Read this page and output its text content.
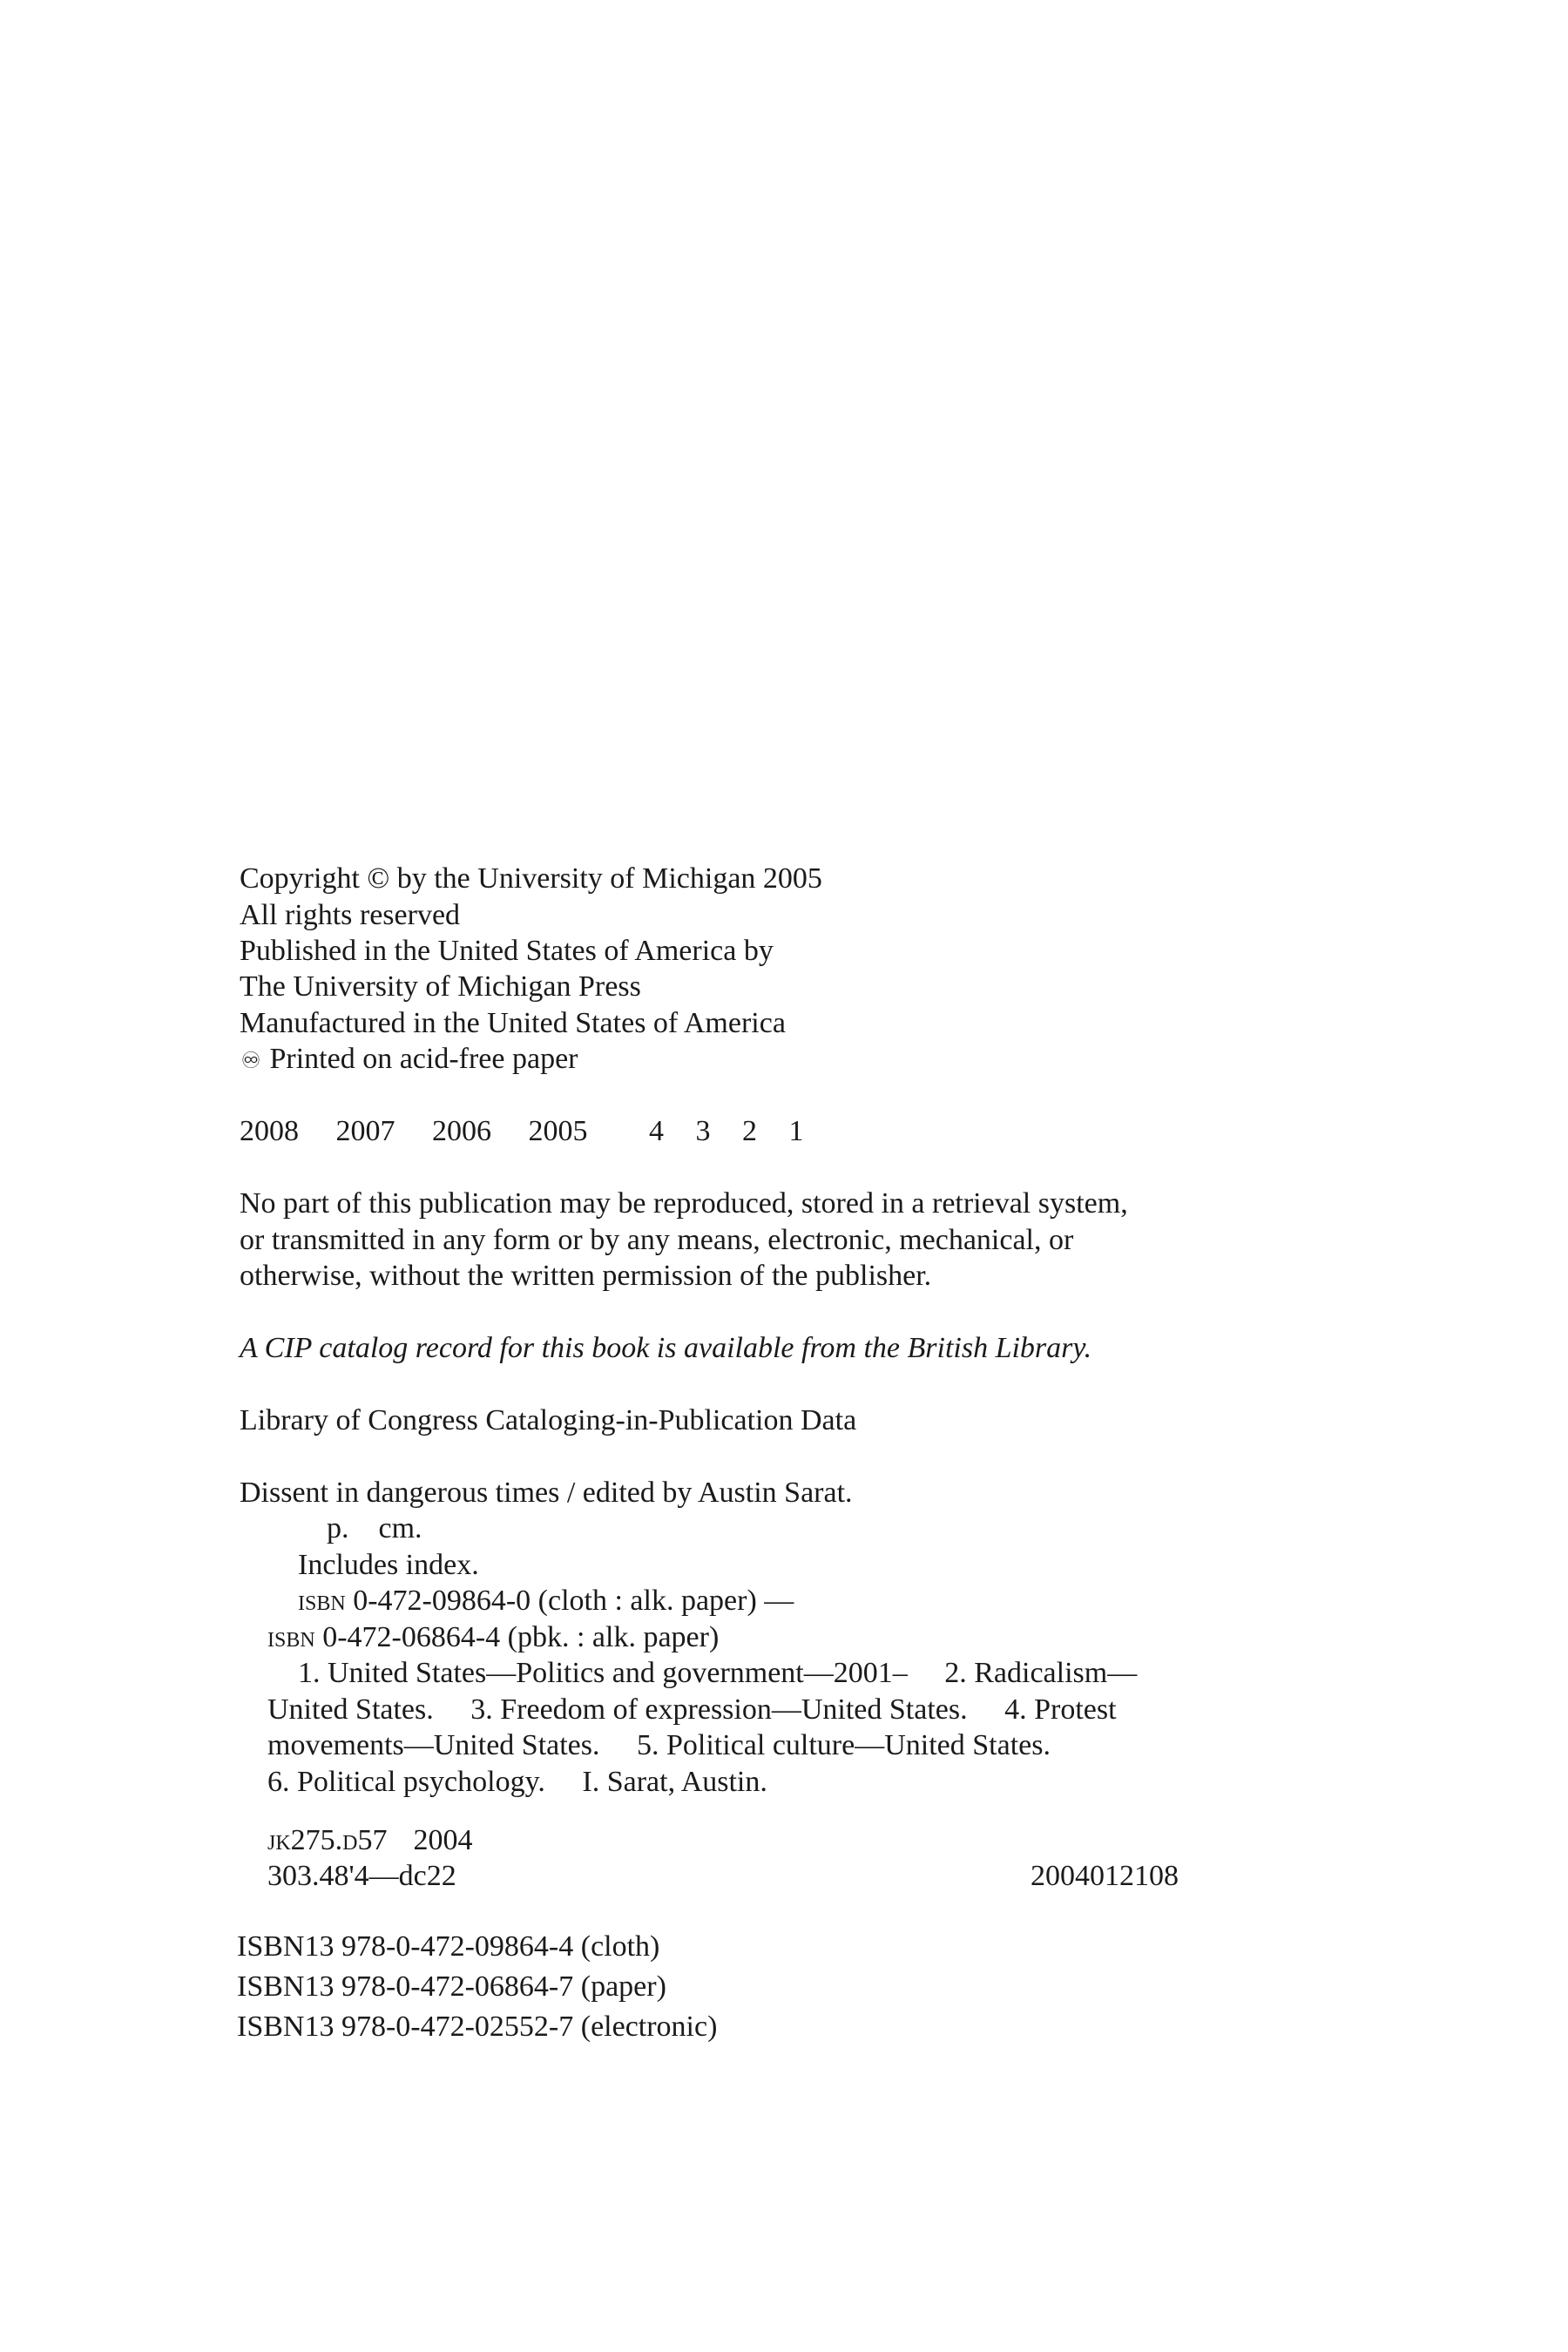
Copyright © by the University of Michigan 2005
All rights reserved
Published in the United States of America by
The University of Michigan Press
Manufactured in the United States of America
♾ Printed on acid-free paper
2008 2007 2006 2005 4 3 2 1
No part of this publication may be reproduced, stored in a retrieval system,
or transmitted in any form or by any means, electronic, mechanical, or
otherwise, without the written permission of the publisher.
A CIP catalog record for this book is available from the British Library.
Library of Congress Cataloging-in-Publication Data
Dissent in dangerous times / edited by Austin Sarat.
p.    cm.
Includes index.
isbn 0-472-09864-0 (cloth : alk. paper) —
isbn 0-472-06864-4 (pbk. : alk. paper)
1. United States—Politics and government—2001–     2. Radicalism—
United States.     3. Freedom of expression—United States.     4. Protest
movements—United States.     5. Political culture—United States.
6. Political psychology.     I. Sarat, Austin.
jk275.d57 2004
303.48'4—dc22	2004012108
ISBN13 978-0-472-09864-4 (cloth)
ISBN13 978-0-472-06864-7 (paper)
ISBN13 978-0-472-02552-7 (electronic)
